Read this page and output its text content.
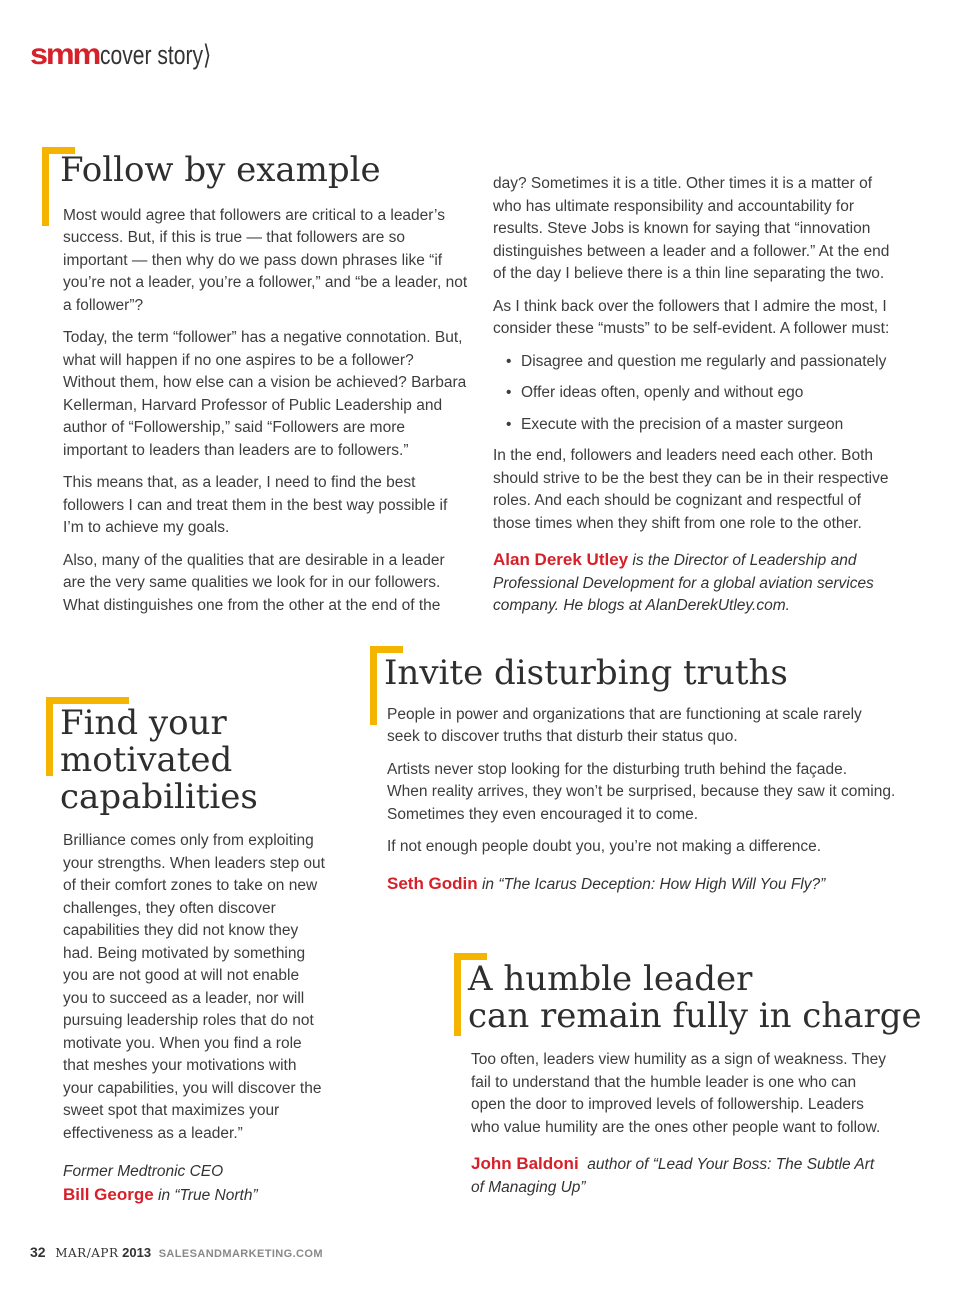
smm cover story⟩
Follow by example

Most would agree that followers are critical to a leader’s
success. But, if this is true — that followers are so
important — then why do we pass down phrases like “if
you’re not a leader, you’re a follower,” and “be a leader, not
a follower”?

Today, the term “follower” has a negative connotation. But,
what will happen if no one aspires to be a follower?
Without them, how else can a vision be achieved? Barbara
Kellerman, Harvard Professor of Public Leadership and
author of “Followership,” said “Followers are more
important to leaders than leaders are to followers.”

This means that, as a leader, I need to find the best
followers I can and treat them in the best way possible if
I’m to achieve my goals.

Also, many of the qualities that are desirable in a leader
are the very same qualities we look for in our followers.
What distinguishes one from the other at the end of the

day? Sometimes it is a title. Other times it is a matter of
who has ultimate responsibility and accountability for
results. Steve Jobs is known for saying that “innovation
distinguishes between a leader and a follower.” At the end
of the day I believe there is a thin line separating the two.

As I think back over the followers that I admire the most, I
consider these “musts” to be self-evident. A follower must:

• Disagree and question me regularly and passionately
• Offer ideas often, openly and without ego
• Execute with the precision of a master surgeon

In the end, followers and leaders need each other. Both
should strive to be the best they can be in their respective
roles. And each should be cognizant and respectful of
those times when they shift from one role to the other.

Alan Derek Utley is the Director of Leadership and
Professional Development for a global aviation services
company. He blogs at AlanDerekUtley.com.

Invite disturbing truths

People in power and organizations that are functioning at scale rarely
seek to discover truths that disturb their status quo.

Artists never stop looking for the disturbing truth behind the façade.
When reality arrives, they won’t be surprised, because they saw it coming.
Sometimes they even encouraged it to come.

If not enough people doubt you, you’re not making a difference.

Seth Godin in “The Icarus Deception: How High Will You Fly?”

Find your
motivated
capabilities

Brilliance comes only from exploiting
your strengths. When leaders step out
of their comfort zones to take on new
challenges, they often discover
capabilities they did not know they
had. Being motivated by something
you are not good at will not enable
you to succeed as a leader, nor will
pursuing leadership roles that do not
motivate you. When you find a role
that meshes your motivations with
your capabilities, you will discover the
sweet spot that maximizes your
effectiveness as a leader.”

Former Medtronic CEO
Bill George in “True North”

A humble leader
can remain fully in charge

Too often, leaders view humility as a sign of weakness. They
fail to understand that the humble leader is one who can
open the door to improved levels of followership. Leaders
who value humility are the ones other people want to follow.

John Baldoni  author of “Lead Your Boss: The Subtle Art
of Managing Up”

32 MAR/APR 2013 SALESANDMARKETING.COM
